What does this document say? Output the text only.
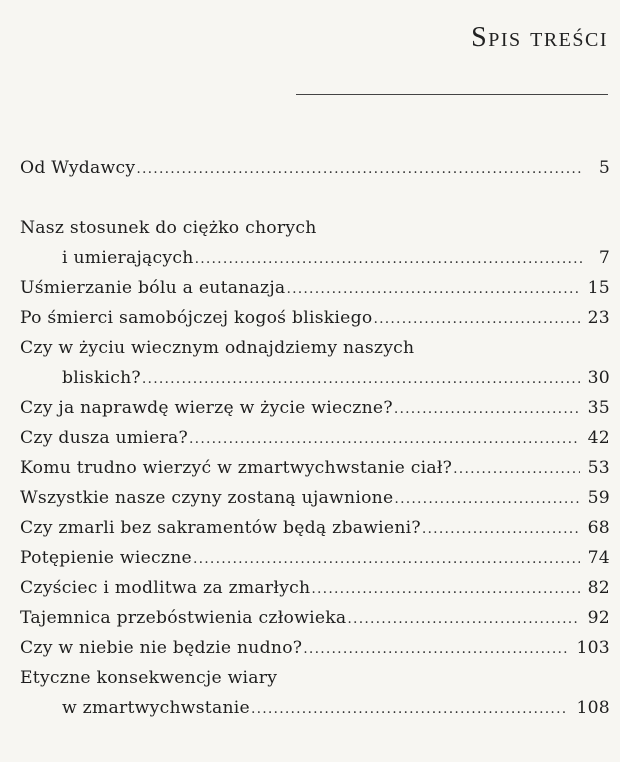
Spis treści
Od Wydawcy .....	5
Nasz stosunek do ciężko chorych
i umierających .....	7
Uśmierzanie bólu a eutanazja .....	15
Po śmierci samobójczej kogoś bliskiego .....	23
Czy w życiu wiecznym odnajdziemy naszych
bliskich? .....	30
Czy ja naprawdę wierzę w życie wieczne? .....	35
Czy dusza umiera? .....	42
Komu trudno wierzyć w zmartwychwstanie ciał? .....	53
Wszystkie nasze czyny zostaną ujawnione .....	59
Czy zmarli bez sakramentów będą zbawieni? .....	68
Potępienie wieczne .....	74
Czyściec i modlitwa za zmarłych .....	82
Tajemnica przebóstwienia człowieka .....	92
Czy w niebie nie będzie nudno? .....	103
Etyczne konsekwencje wiary
w zmartwychwstanie .....	108
